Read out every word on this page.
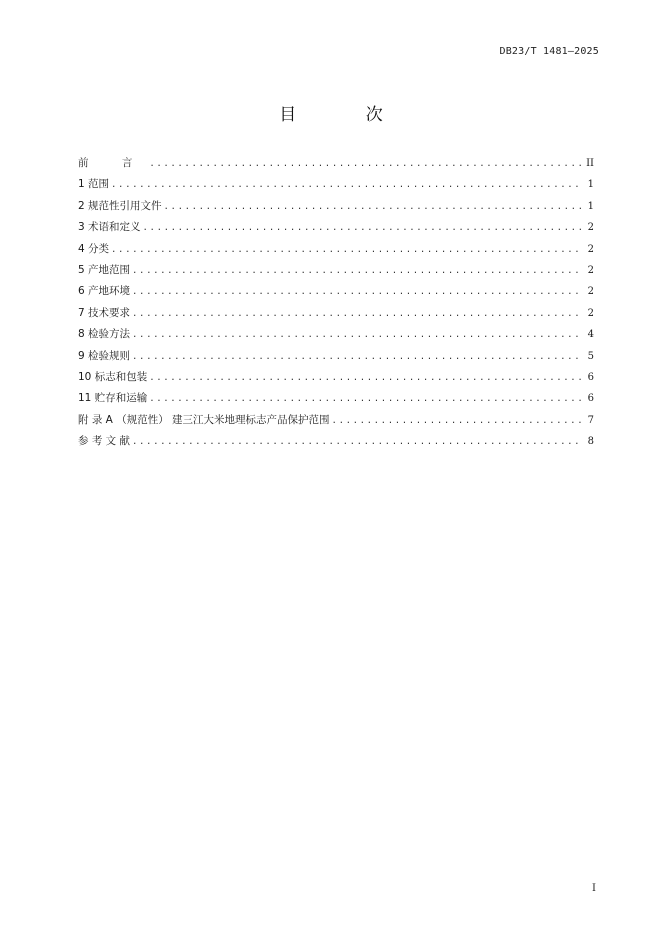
DB23/T 1481—2025
目 次
前 言 .....	II
1 范围 .....	1
2 规范性引用文件 .....	1
3 术语和定义 .....	2
4 分类 .....	2
5 产地范围 .....	2
6 产地环境 .....	2
7 技术要求 .....	2
8 检验方法 .....	4
9 检验规则 .....	5
10 标志和包装 .....	6
11 贮存和运输 .....	6
附 录 A （规范性） 建三江大米地理标志产品保护范围 .....	7
参 考 文 献 .....	8
I
